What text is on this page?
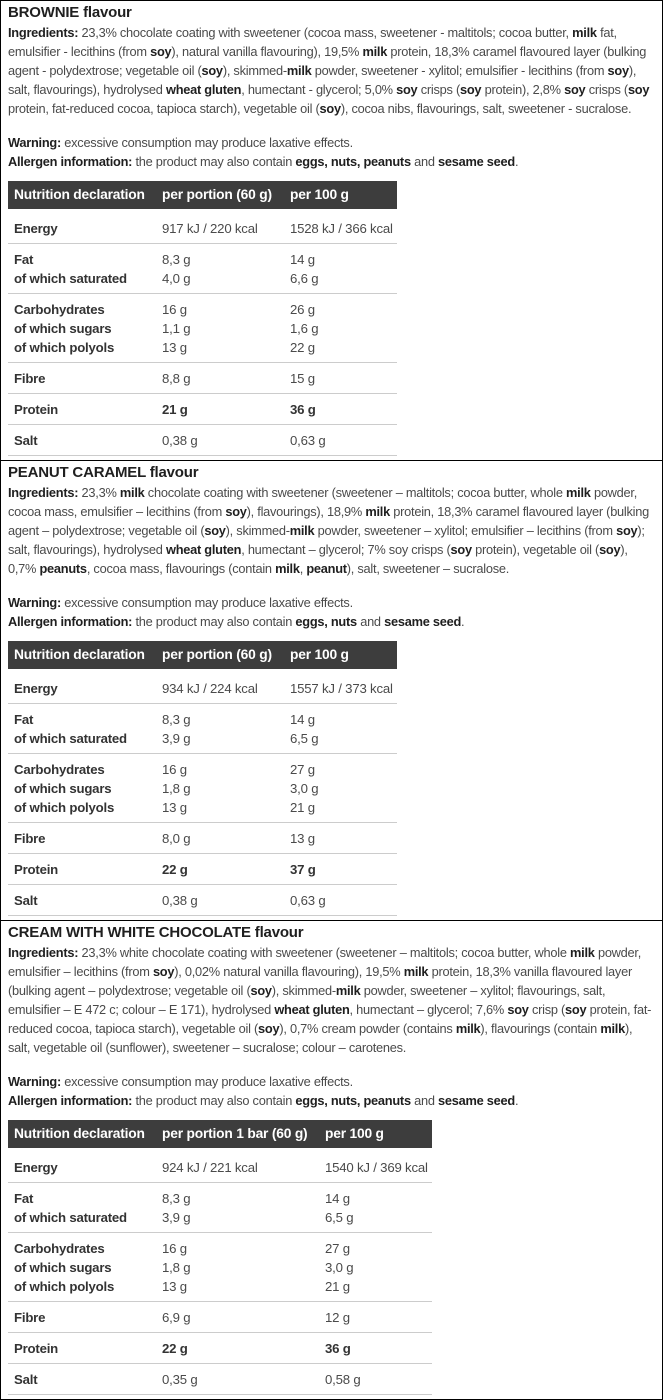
BROWNIE flavour

Ingredients: 23,3% chocolate coating with sweetener (cocoa mass, sweetener - maltitols; cocoa butter, milk fat, emulsifier - lecithins (from soy), natural vanilla flavouring), 19,5% milk protein, 18,3% caramel flavoured layer (bulking agent - polydextrose; vegetable oil (soy), skimmed-milk powder, sweetener - xylitol; emulsifier - lecithins (from soy), salt, flavourings), hydrolysed wheat gluten, humectant - glycerol; 5,0% soy crisps (soy protein), 2,8% soy crisps (soy protein, fat-reduced cocoa, tapioca starch), vegetable oil (soy), cocoa nibs, flavourings, salt, sweetener - sucralose.

Warning: excessive consumption may produce laxative effects.

Allergen information: the product may also contain eggs, nuts, peanuts and sesame seed.

Nutrition declaration	per portion (60 g)	per 100 g
Energy	917 kJ / 220 kcal	1528 kJ / 366 kcal
Fat	8,3 g	14 g
of which saturated	4,0 g	6,6 g
Carbohydrates	16 g	26 g
of which sugars	1,1 g	1,6 g
of which polyols	13 g	22 g
Fibre	8,8 g	15 g
Protein	21 g	36 g
Salt	0,38 g	0,63 g
PEANUT CARAMEL flavour

Ingredients: 23,3% milk chocolate coating with sweetener (sweetener – maltitols; cocoa butter, whole milk powder, cocoa mass, emulsifier – lecithins (from soy), flavourings), 18,9% milk protein, 18,3% caramel flavoured layer (bulking agent – polydextrose; vegetable oil (soy), skimmed-milk powder, sweetener – xylitol; emulsifier – lecithins (from soy); salt, flavourings), hydrolysed wheat gluten, humectant – glycerol; 7% soy crisps (soy protein), vegetable oil (soy), 0,7% peanuts, cocoa mass, flavourings (contain milk, peanut), salt, sweetener – sucralose.

Warning: excessive consumption may produce laxative effects.

Allergen information: the product may also contain eggs, nuts and sesame seed.

Nutrition declaration	per portion (60 g)	per 100 g
Energy	934 kJ / 224 kcal	1557 kJ / 373 kcal
Fat	8,3 g	14 g
of which saturated	3,9 g	6,5 g
Carbohydrates	16 g	27 g
of which sugars	1,8 g	3,0 g
of which polyols	13 g	21 g
Fibre	8,0 g	13 g
Protein	22 g	37 g
Salt	0,38 g	0,63 g
CREAM WITH WHITE CHOCOLATE flavour

Ingredients: 23,3% white chocolate coating with sweetener (sweetener – maltitols; cocoa butter, whole milk powder, emulsifier – lecithins (from soy), 0,02% natural vanilla flavouring), 19,5% milk protein, 18,3% vanilla flavoured layer (bulking agent – polydextrose; vegetable oil (soy), skimmed-milk powder, sweetener – xylitol; flavourings, salt, emulsifier – E 472 c; colour – E 171), hydrolysed wheat gluten, humectant – glycerol; 7,6% soy crisp (soy protein, fat-reduced cocoa, tapioca starch), vegetable oil (soy), 0,7% cream powder (contains milk), flavourings (contain milk), salt, vegetable oil (sunflower), sweetener – sucralose; colour – carotenes.

Warning: excessive consumption may produce laxative effects.

Allergen information: the product may also contain eggs, nuts, peanuts and sesame seed.

Nutrition declaration	per portion 1 bar (60 g)	per 100 g
Energy	924 kJ / 221 kcal	1540 kJ / 369 kcal
Fat	8,3 g	14 g
of which saturated	3,9 g	6,5 g
Carbohydrates	16 g	27 g
of which sugars	1,8 g	3,0 g
of which polyols	13 g	21 g
Fibre	6,9 g	12 g
Protein	22 g	36 g
Salt	0,35 g	0,58 g
